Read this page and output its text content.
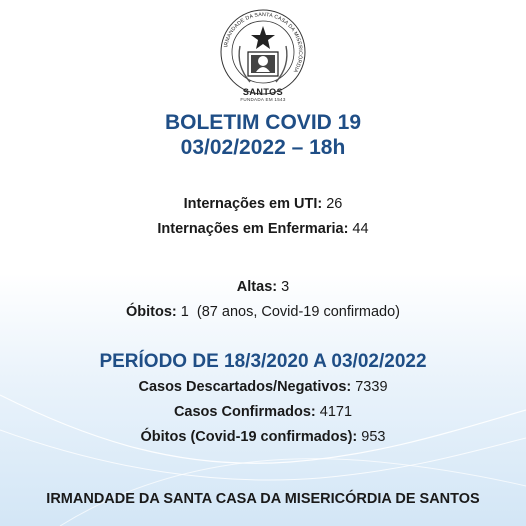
IRMANDADE DA SANTA CASA DA MISERICÓRDIA
SANTOS
FUNDADA EM 1543
BOLETIM COVID 19
03/02/2022 – 18h
Internações em UTI: 26
Internações em Enfermaria: 44
Altas: 3
Óbitos: 1  (87 anos, Covid-19 confirmado)
PERÍODO DE 18/3/2020 A 03/02/2022
Casos Descartados/Negativos: 7339
Casos Confirmados: 4171
Óbitos (Covid-19 confirmados): 953
IRMANDADE DA SANTA CASA DA MISERICÓRDIA DE SANTOS
